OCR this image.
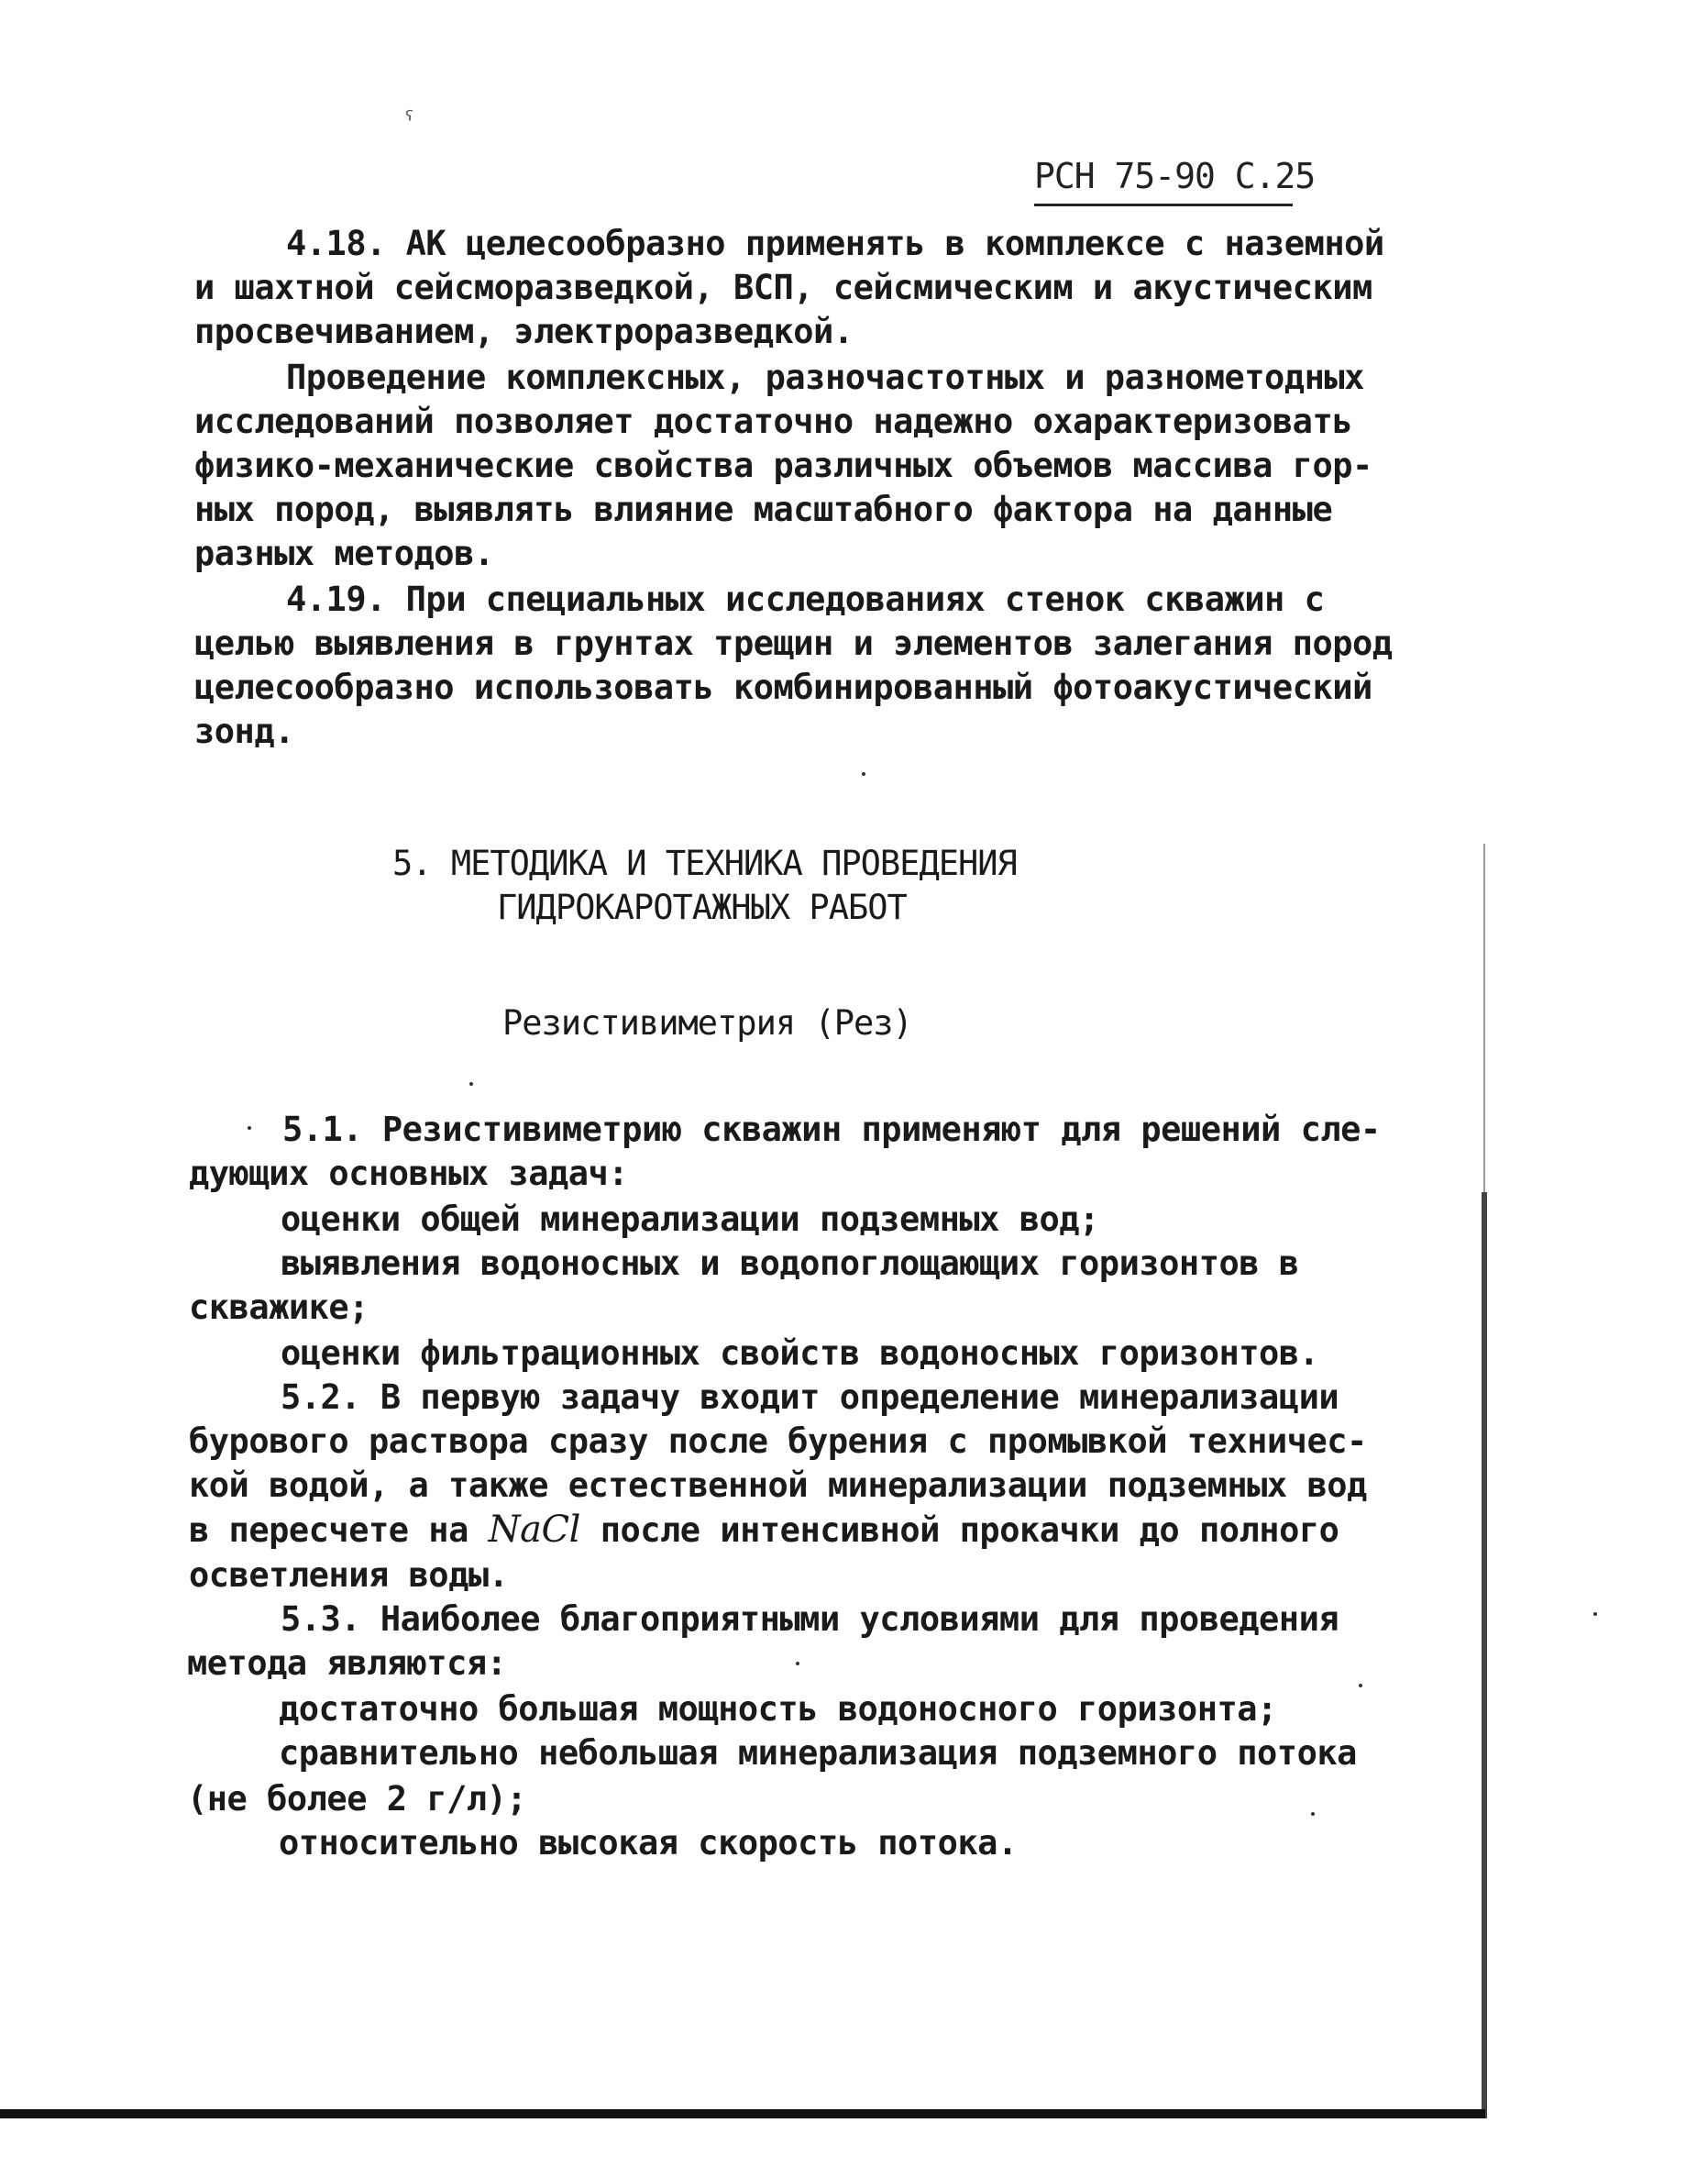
ˁ
РСН 75-90 С.25
4.18. АК целесообразно применять в комплексе с наземной
и шахтной сейсморазведкой, ВСП, сейсмическим и акустическим
просвечиванием, электроразведкой.
Проведение комплексных, разночастотных и разнометодных
исследований позволяет достаточно надежно охарактеризовать
физико-механические свойства различных объемов массива гор-
ных пород, выявлять влияние масштабного фактора на данные
разных методов.
4.19. При специальных исследованиях стенок скважин с
целью выявления в грунтах трещин и элементов залегания пород
целесообразно использовать комбинированный фотоакустический
зонд.
5. МЕТОДИКА И ТЕХНИКА ПРОВЕДЕНИЯ
ГИДРОКАРОТАЖНЫХ РАБОТ
Резистивиметрия (Рез)
5.1. Резистивиметрию скважин применяют для решений сле-
дующих основных задач:
оценки общей минерализации подземных вод;
выявления водоносных и водопоглощающих горизонтов в
скважике;
оценки фильтрационных свойств водоносных горизонтов.
5.2. В первую задачу входит определение минерализации
бурового раствора сразу после бурения с промывкой техничес-
кой водой, а также естественной минерализации подземных вод
в пересчете на NaCl после интенсивной прокачки до полного
осветления воды.
5.3. Наиболее благоприятными условиями для проведения
метода являются:
достаточно большая мощность водоносного горизонта;
сравнительно небольшая минерализация подземного потока
(не более 2 г/л);
относительно высокая скорость потока.
